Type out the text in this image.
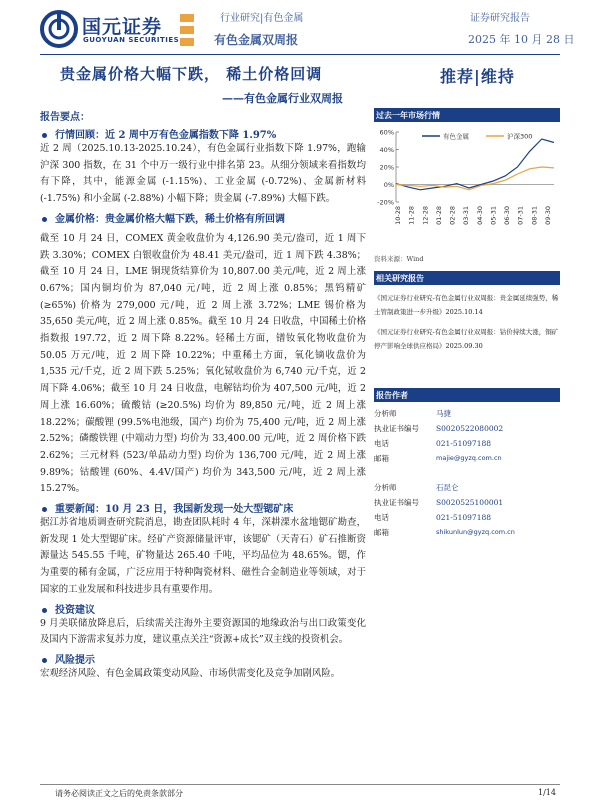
国元证券
GUOYUAN SECURITIES
行业研究|有色金属
有色金属双周报
证券研究报告
2025 年 10 月 28 日
贵金属价格大幅下跌， 稀土价格回调
——有色金属行业双周报
推荐|维持
报告要点：
行情回顾：近 2 周中万有色金属指数下降 1.97%
近 2 周（2025.10.13-2025.10.24），有色金属行业指数下降 1.97%，跑输沪深 300 指数，在 31 个中万一级行业中排名第 23。从细分领域来看指数均有下降，其中，能源金属 (-1.15%)、工业金属 (-0.72%)、金属新材料 (-1.75%) 和小金属 (-2.88%) 小幅下降；贵金属 (-7.89%) 大幅下跌。
金属价格：贵金属价格大幅下跌，稀土价格有所回调
截至 10 月 24 日，COMEX 黄金收盘价为 4,126.90 美元/盎司，近 1 周下跌 3.30%；COMEX 白银收盘价为 48.41 美元/盎司，近 1 周下跌 4.38%；截至 10 月 24 日，LME 铜现货结算价为 10,807.00 美元/吨，近 2 周上涨 0.67%；国内铜均价为 87,040 元/吨，近 2 周上涨 0.85%；黑钨精矿 (≥65%) 价格为 279,000 元/吨，近 2 周上涨 3.72%；LME 锡价格为 35,650 美元/吨，近 2 周上涨 0.85%。截至 10 月 24 日收盘，中国稀土价格指数报 197.72，近 2 周下降 8.22%。轻稀土方面，镨钕氧化物收盘价为 50.05 万元/吨，近 2 周下降 10.22%；中重稀土方面，氧化镝收盘价为 1,535 元/千克，近 2 周下跌 5.25%；氧化铽收盘价为 6,740 元/千克，近 2 周下降 4.06%；截至 10 月 24 日收盘，电解钴均价为 407,500 元/吨，近 2 周上涨 16.60%；硫酸钴 (≥20.5%) 均价为 89,850 元/吨，近 2 周上涨 18.22%；碳酸锂 (99.5%电池级，国产) 均价为 75,400 元/吨，近 2 周上涨 2.52%；磷酸铁锂 (中端动力型) 均价为 33,400.00 元/吨，近 2 周价格下跌 2.62%；三元材料 (523/单晶动力型) 均价为 136,700 元/吨，近 2 周上涨 9.89%；钴酸锂 (60%、4.4V/国产) 均价为 343,500 元/吨，近 2 周上涨 15.27%。
重要新闻：10 月 23 日，我国新发现一处大型锶矿床
据江苏省地质调查研究院消息，勘查团队耗时 4 年，深耕溧水盆地锶矿勘查，新发现 1 处大型锶矿床。经矿产资源储量评审，该锶矿（天青石）矿石推断资源量达 545.55 千吨，矿物量达 265.40 千吨，平均品位为 48.65%。锶，作为重要的稀有金属，广泛应用于特种陶瓷材料、磁性合金制造业等领域，对于国家的工业发展和科技进步具有重要作用。
投资建议
9 月美联储放降息后，后续需关注海外主要资源国的地缘政治与出口政策变化及国内下游需求复苏力度，建议重点关注“资源+成长”双主线的投资机会。
风险提示
宏观经济风险、有色金属政策变动风险、市场供需变化及竞争加剧风险。
过去一年市场行情
-20%
0%
20%
40%
60%
10-28 11-28 12-28 01-28 02-28 03-31 04-30 05-31 06-30 07-31 08-31 09-30
有色金属	沪深300
资料来源：Wind
相关研究报告
《国元证券行业研究-有色金属行业双周报：贵金属延续强势，稀土管制政策进一步升级》2025.10.14
《国元证券行业研究-有色金属行业双周报：钴价持续大涨，铜矿停产影响全球供应格局》2025.09.30
报告作者
分析师	马捷
执业证书编号	S0020522080002
电话	021-51097188
邮箱	majie@gyzq.com.cn
分析师	石昆仑
执业证书编号	S0020525100001
电话	021-51097188
邮箱	shikunlun@gyzq.com.cn
请务必阅读正文之后的免责条款部分	1/14
